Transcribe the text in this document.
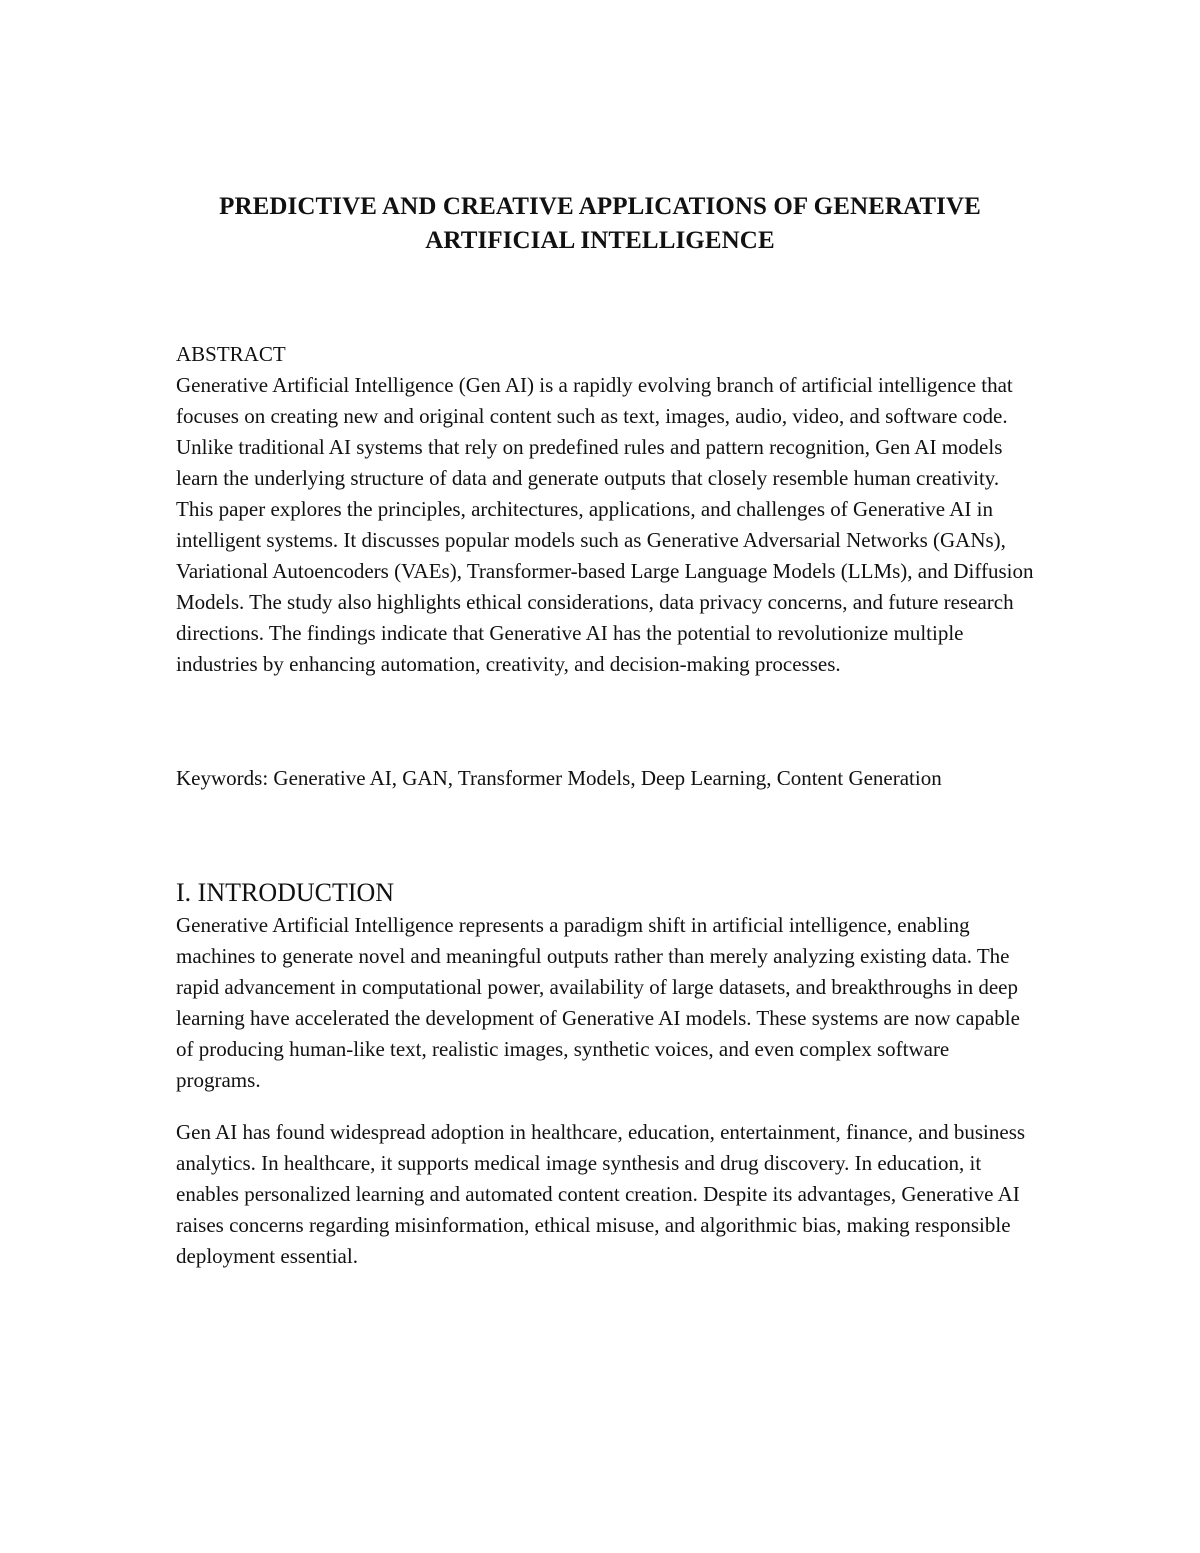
PREDICTIVE AND CREATIVE APPLICATIONS OF GENERATIVE
ARTIFICIAL INTELLIGENCE
ABSTRACT

Generative Artificial Intelligence (Gen AI) is a rapidly evolving branch of artificial intelligence that focuses on creating new and original content such as text, images, audio, video, and software code. Unlike traditional AI systems that rely on predefined rules and pattern recognition, Gen AI models learn the underlying structure of data and generate outputs that closely resemble human creativity. This paper explores the principles, architectures, applications, and challenges of Generative AI in intelligent systems. It discusses popular models such as Generative Adversarial Networks (GANs), Variational Autoencoders (VAEs), Transformer-based Large Language Models (LLMs), and Diffusion Models. The study also highlights ethical considerations, data privacy concerns, and future research directions. The findings indicate that Generative AI has the potential to revolutionize multiple industries by enhancing automation, creativity, and decision-making processes.

Keywords: Generative AI, GAN, Transformer Models, Deep Learning, Content Generation

I. INTRODUCTION

Generative Artificial Intelligence represents a paradigm shift in artificial intelligence, enabling machines to generate novel and meaningful outputs rather than merely analyzing existing data. The rapid advancement in computational power, availability of large datasets, and breakthroughs in deep learning have accelerated the development of Generative AI models. These systems are now capable of producing human-like text, realistic images, synthetic voices, and even complex software programs.

Gen AI has found widespread adoption in healthcare, education, entertainment, finance, and business analytics. In healthcare, it supports medical image synthesis and drug discovery. In education, it enables personalized learning and automated content creation. Despite its advantages, Generative AI raises concerns regarding misinformation, ethical misuse, and algorithmic bias, making responsible deployment essential.
